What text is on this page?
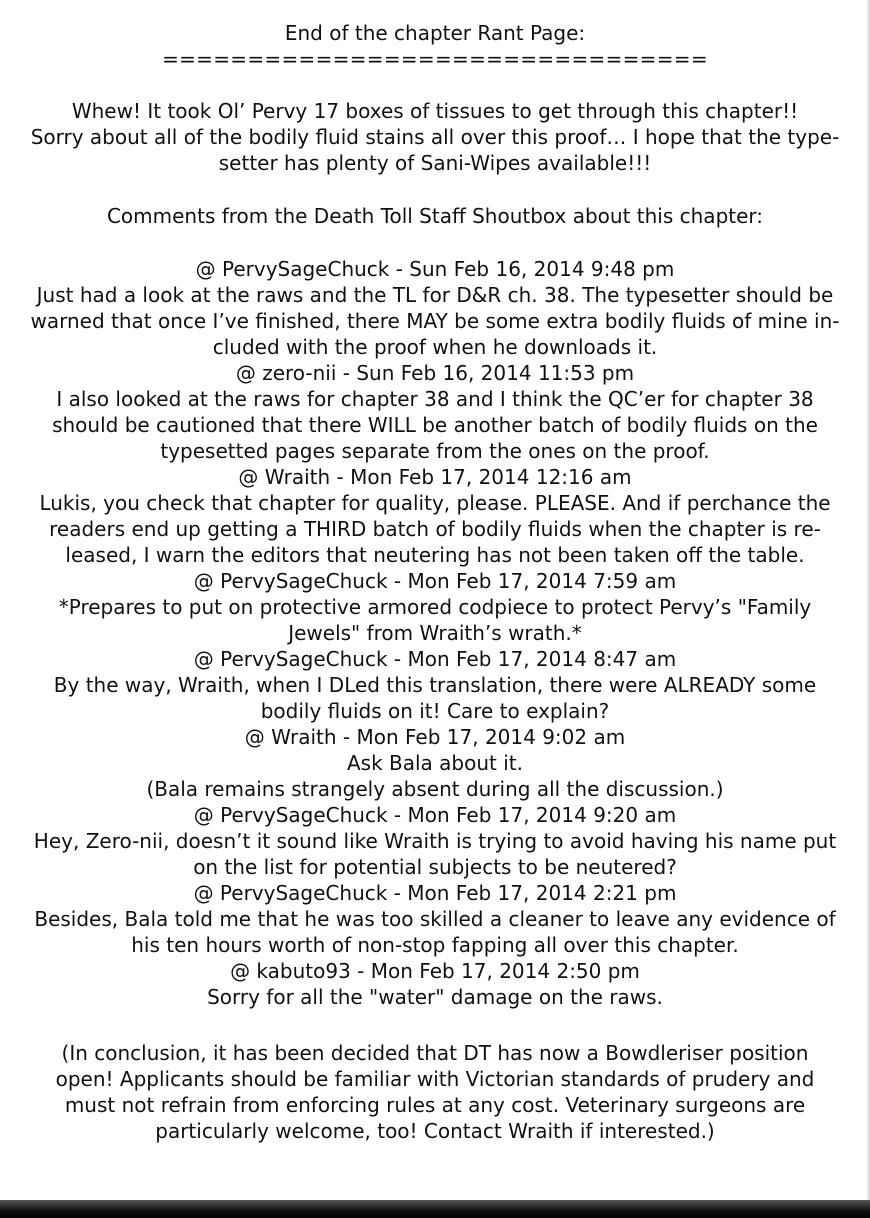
End of the chapter Rant Page:
================================

Whew! It took Ol’ Pervy 17 boxes of tissues to get through this chapter!!

Sorry about all of the bodily fluid stains all over this proof… I hope that the type-

setter has plenty of Sani-Wipes available!!!

Comments from the Death Toll Staff Shoutbox about this chapter:

@ PervySageChuck - Sun Feb 16, 2014 9:48 pm

Just had a look at the raws and the TL for D&R ch. 38. The typesetter should be

warned that once I’ve finished, there MAY be some extra bodily fluids of mine in-

cluded with the proof when he downloads it.

@ zero-nii - Sun Feb 16, 2014 11:53 pm

I also looked at the raws for chapter 38 and I think the QC’er for chapter 38

should be cautioned that there WILL be another batch of bodily fluids on the

typesetted pages separate from the ones on the proof.

@ Wraith - Mon Feb 17, 2014 12:16 am

Lukis, you check that chapter for quality, please. PLEASE. And if perchance the

readers end up getting a THIRD batch of bodily fluids when the chapter is re-

leased, I warn the editors that neutering has not been taken off the table.

@ PervySageChuck - Mon Feb 17, 2014 7:59 am

*Prepares to put on protective armored codpiece to protect Pervy’s "Family

Jewels" from Wraith’s wrath.*

@ PervySageChuck - Mon Feb 17, 2014 8:47 am

By the way, Wraith, when I DLed this translation, there were ALREADY some

bodily fluids on it! Care to explain?

@ Wraith - Mon Feb 17, 2014 9:02 am

Ask Bala about it.

(Bala remains strangely absent during all the discussion.)

@ PervySageChuck - Mon Feb 17, 2014 9:20 am

Hey, Zero-nii, doesn’t it sound like Wraith is trying to avoid having his name put

on the list for potential subjects to be neutered?

@ PervySageChuck - Mon Feb 17, 2014 2:21 pm

Besides, Bala told me that he was too skilled a cleaner to leave any evidence of

his ten hours worth of non-stop fapping all over this chapter.

@ kabuto93 - Mon Feb 17, 2014 2:50 pm

Sorry for all the "water" damage on the raws.

(In conclusion, it has been decided that DT has now a Bowdleriser position

open! Applicants should be familiar with Victorian standards of prudery and

must not refrain from enforcing rules at any cost. Veterinary surgeons are

particularly welcome, too! Contact Wraith if interested.)
